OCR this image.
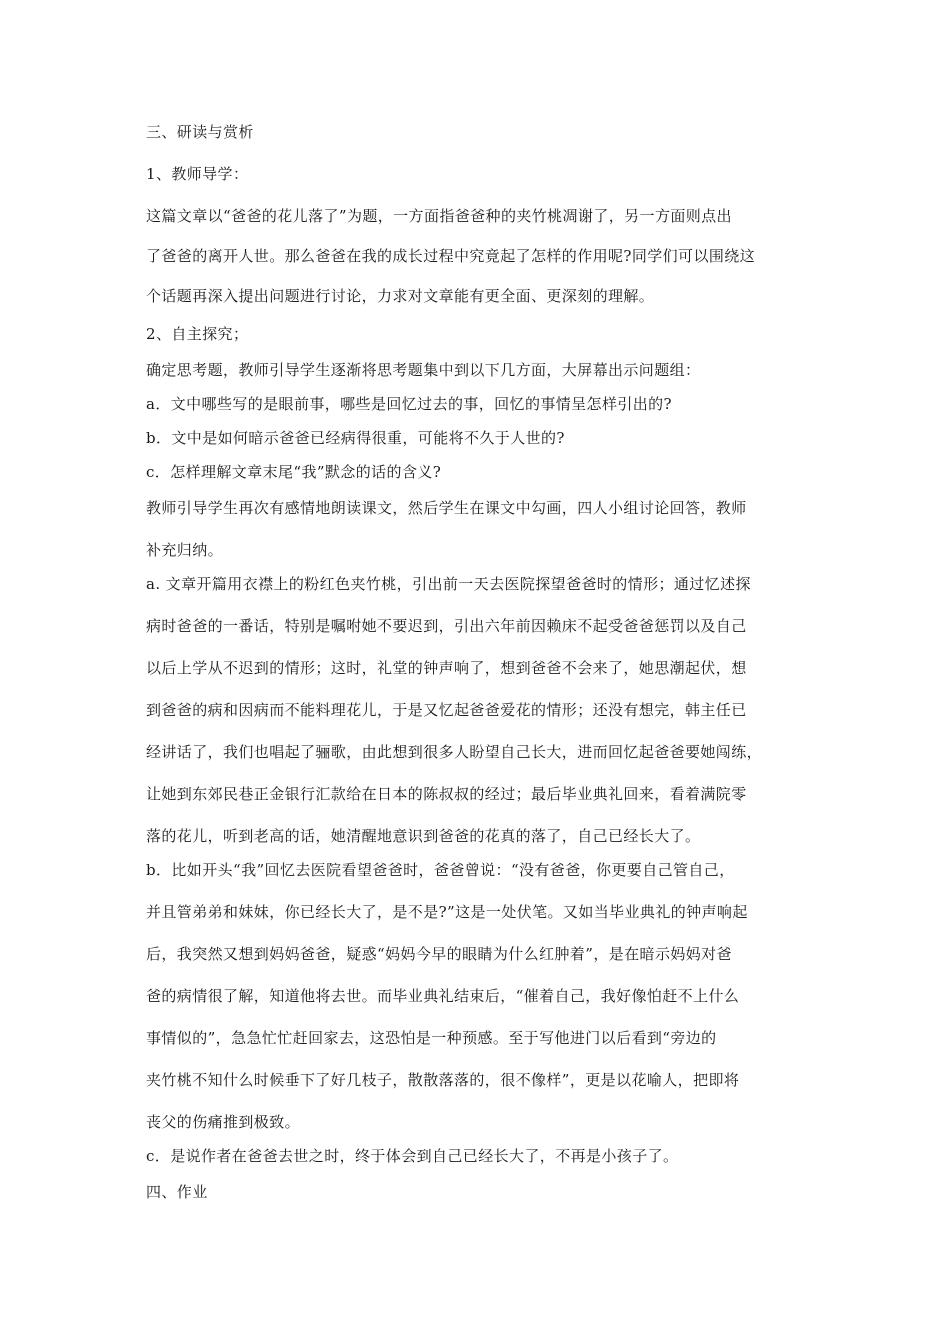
三、研读与赏析
1、教师导学：
这篇文章以“爸爸的花儿落了”为题，一方面指爸爸种的夹竹桃凋谢了，另一方面则点出
了爸爸的离开人世。那么爸爸在我的成长过程中究竟起了怎样的作用呢?同学们可以围绕这
个话题再深入提出问题进行讨论，力求对文章能有更全面、更深刻的理解。
2、自主探究；
确定思考题，教师引导学生逐渐将思考题集中到以下几方面，大屏幕出示问题组：
a．文中哪些写的是眼前事，哪些是回忆过去的事，回忆的事情呈怎样引出的?
b．文中是如何暗示爸爸已经病得很重，可能将不久于人世的?
c．怎样理解文章末尾“我”默念的话的含义?
教师引导学生再次有感情地朗读课文，然后学生在课文中勾画，四人小组讨论回答，教师
补充归纳。
a. 文章开篇用衣襟上的粉红色夹竹桃，引出前一天去医院探望爸爸时的情形；通过忆述探
病时爸爸的一番话，特别是嘱咐她不要迟到，引出六年前因赖床不起受爸爸惩罚以及自己
以后上学从不迟到的情形；这时，礼堂的钟声响了，想到爸爸不会来了，她思潮起伏，想
到爸爸的病和因病而不能料理花儿，于是又忆起爸爸爱花的情形；还没有想完，韩主任已
经讲话了，我们也唱起了骊歌，由此想到很多人盼望自己长大，进而回忆起爸爸要她闯练，
让她到东郊民巷正金银行汇款给在日本的陈叔叔的经过；最后毕业典礼回来，看着满院零
落的花儿，听到老高的话，她清醒地意识到爸爸的花真的落了，自己已经长大了。
b．比如开头“我”回忆去医院看望爸爸时，爸爸曾说：“没有爸爸，你更要自己管自己，
并且管弟弟和妹妹，你已经长大了，是不是?”这是一处伏笔。又如当毕业典礼的钟声响起
后，我突然又想到妈妈爸爸，疑惑“妈妈今早的眼睛为什么红肿着”，是在暗示妈妈对爸
爸的病情很了解，知道他将去世。而毕业典礼结束后，“催着自己，我好像怕赶不上什么
事情似的”，急急忙忙赶回家去，这恐怕是一种预感。至于写他进门以后看到“旁边的
夹竹桃不知什么时候垂下了好几枝子，散散落落的，很不像样”，更是以花喻人，把即将
丧父的伤痛推到极致。
c．是说作者在爸爸去世之时，终于体会到自己已经长大了，不再是小孩子了。
四、作业
